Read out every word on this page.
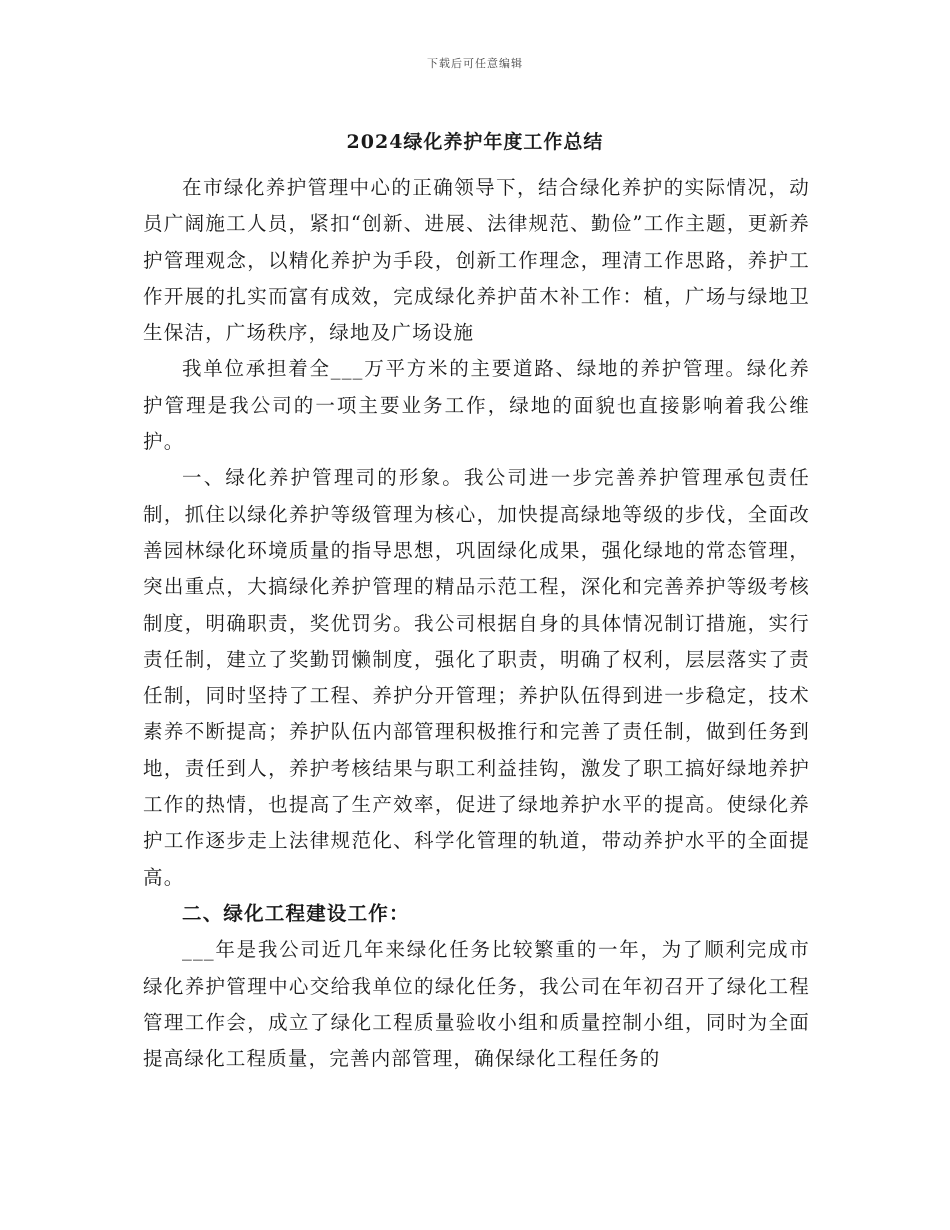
下载后可任意编辑
2024绿化养护年度工作总结

在市绿化养护管理中心的正确领导下，结合绿化养护的实际情况，动员广阔施工人员，紧扣“创新、进展、法律规范、勤俭”工作主题，更新养护管理观念，以精化养护为手段，创新工作理念，理清工作思路，养护工作开展的扎实而富有成效，完成绿化养护苗木补工作：植，广场与绿地卫生保洁，广场秩序，绿地及广场设施

我单位承担着全___万平方米的主要道路、绿地的养护管理。绿化养护管理是我公司的一项主要业务工作，绿地的面貌也直接影响着我公维护。

一、绿化养护管理司的形象。我公司进一步完善养护管理承包责任制，抓住以绿化养护等级管理为核心，加快提高绿地等级的步伐，全面改善园林绿化环境质量的指导思想，巩固绿化成果，强化绿地的常态管理，突出重点，大搞绿化养护管理的精品示范工程，深化和完善养护等级考核制度，明确职责，奖优罚劣。我公司根据自身的具体情况制订措施，实行责任制，建立了奖勤罚懒制度，强化了职责，明确了权利，层层落实了责任制，同时坚持了工程、养护分开管理；养护队伍得到进一步稳定，技术素养不断提高；养护队伍内部管理积极推行和完善了责任制，做到任务到地，责任到人，养护考核结果与职工利益挂钩，激发了职工搞好绿地养护工作的热情，也提高了生产效率，促进了绿地养护水平的提高。使绿化养护工作逐步走上法律规范化、科学化管理的轨道，带动养护水平的全面提高。

二、绿化工程建设工作：

___年是我公司近几年来绿化任务比较繁重的一年，为了顺利完成市绿化养护管理中心交给我单位的绿化任务，我公司在年初召开了绿化工程管理工作会，成立了绿化工程质量验收小组和质量控制小组，同时为全面提高绿化工程质量，完善内部管理，确保绿化工程任务的
